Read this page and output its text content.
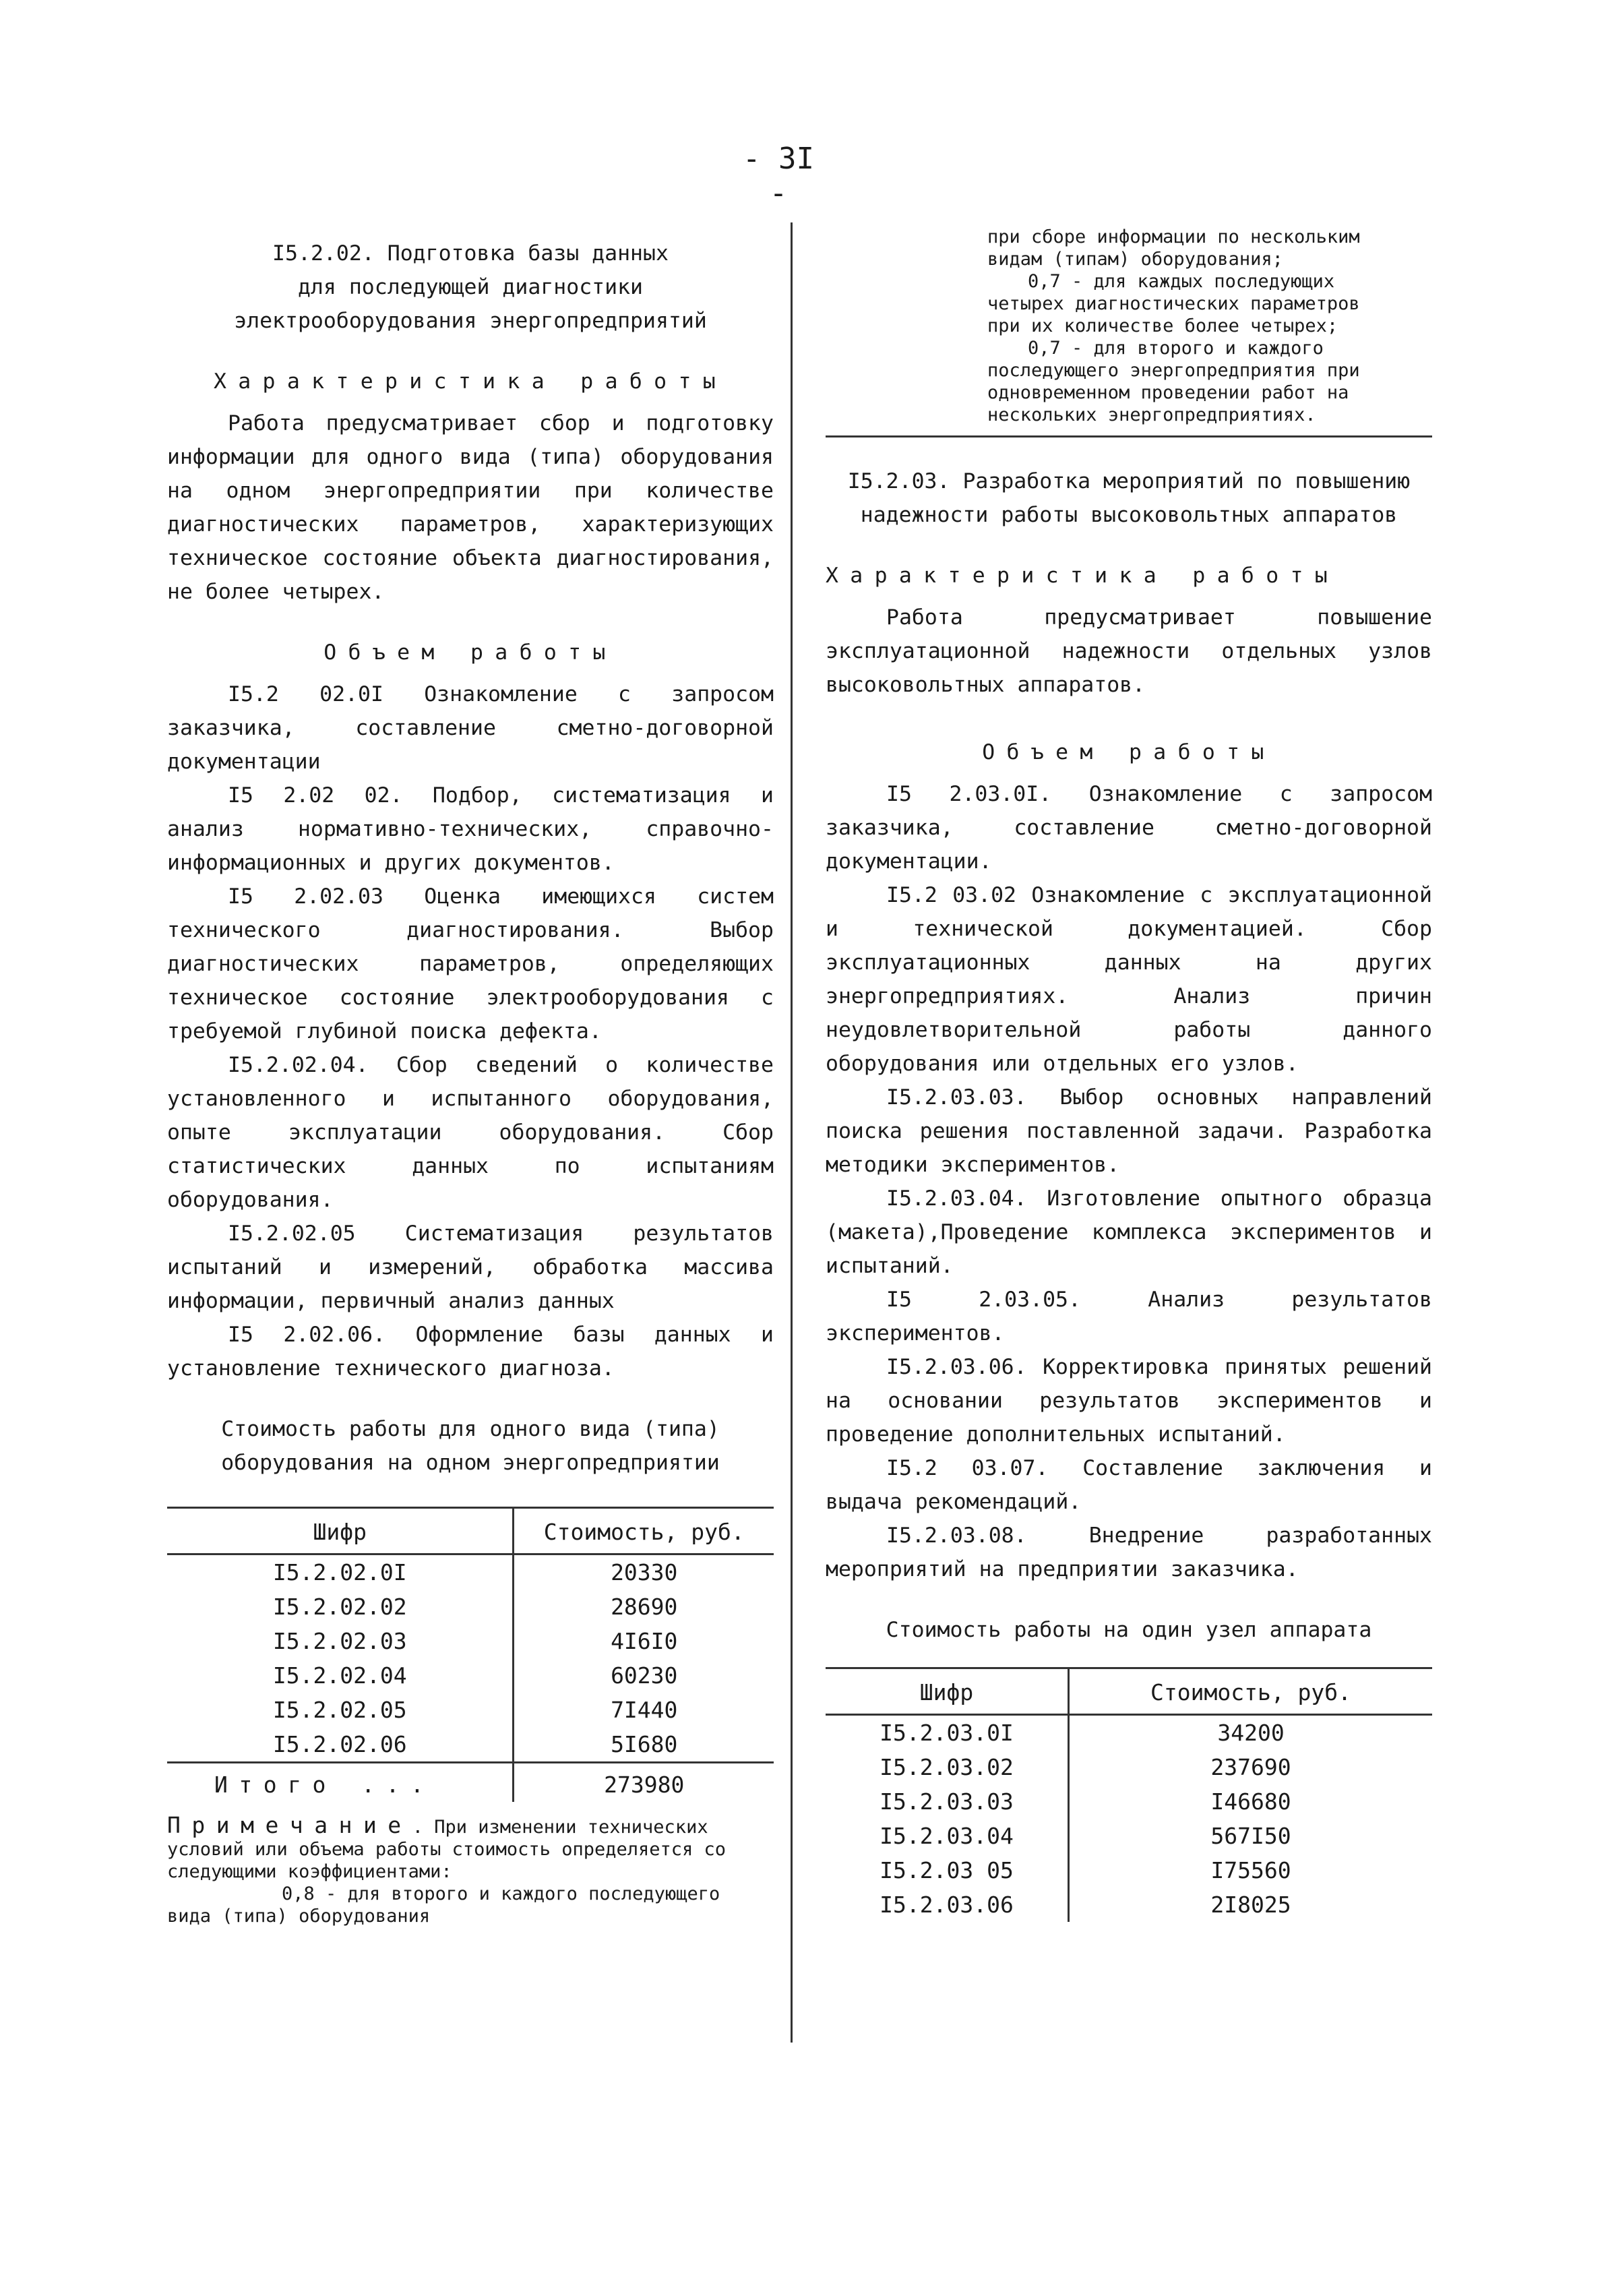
- 3I -
I5.2.02. Подготовка базы данных
для последующей диагностики
электрооборудования энергопредприятий
Характеристика работы

Работа предусматривает сбор и подготовку информации для одного вида (типа) оборудования на одном энергопредприятии при количестве диагностических параметров, характеризующих техническое состояние объекта диагностирования, не более четырех.

Объем работы

I5.2 02.0I Ознакомление с запросом заказчика, составление сметно-договорной документации

I5 2.02 02. Подбор, систематизация и анализ нормативно-технических, справочно-информационных и других документов.

I5 2.02.03 Оценка имеющихся систем технического диагностирования. Выбор диагностических параметров, определяющих техническое состояние электрооборудования с требуемой глубиной поиска дефекта.

I5.2.02.04. Сбор сведений о количестве установленного и испытанного оборудования, опыте эксплуатации оборудования. Сбор статистических данных по испытаниям оборудования.

I5.2.02.05 Систематизация результатов испытаний и измерений, обработка массива информации, первичный анализ данных

I5 2.02.06. Оформление базы данных и установление технического диагноза.

Стоимость работы для одного вида (типа)
оборудования на одном энергопредприятии
Шифр	Стоимость, руб.
I5.2.02.0I	20330
I5.2.02.02	28690
I5.2.02.03	4I6I0
I5.2.02.04	60230
I5.2.02.05	7I440
I5.2.02.06	5I680
Итого ...	273980
Примечание. При изменении технических условий или объема работы стоимость определяется со следующими коэффициентами:
0,8 - для второго и каждого последующего вида (типа) оборудования
при сборе информации по нескольким видам (типам) оборудования;
0,7 - для каждых последующих четырех диагностических параметров при их количестве более четырех;
0,7 - для второго и каждого последующего энергопредприятия при одновременном проведении работ на нескольких энергопредприятиях.
I5.2.03. Разработка мероприятий по повышению
надежности работы высоковольтных аппаратов
Характеристика работы

Работа предусматривает повышение эксплуатационной надежности отдельных узлов высоковольтных аппаратов.

Объем работы

I5 2.03.0I. Ознакомление с запросом заказчика, составление сметно-договорной документации.

I5.2 03.02 Ознакомление с эксплуатационной и технической документацией. Сбор эксплуатационных данных на других энергопредприятиях. Анализ причин неудовлетворительной работы данного оборудования или отдельных его узлов.

I5.2.03.03. Выбор основных направлений поиска решения поставленной задачи. Разработка методики экспериментов.

I5.2.03.04. Изготовление опытного образца (макета),Проведение комплекса экспериментов и испытаний.

I5 2.03.05. Анализ результатов экспериментов.

I5.2.03.06. Корректировка принятых решений на основании результатов экспериментов и проведение дополнительных испытаний.

I5.2 03.07. Составление заключения и выдача рекомендаций.

I5.2.03.08. Внедрение разработанных мероприятий на предприятии заказчика.

Стоимость работы на один узел аппарата
Шифр	Стоимость, руб.
I5.2.03.0I	34200
I5.2.03.02	237690
I5.2.03.03	I46680
I5.2.03.04	567I50
I5.2.03 05	I75560
I5.2.03.06	2I8025
